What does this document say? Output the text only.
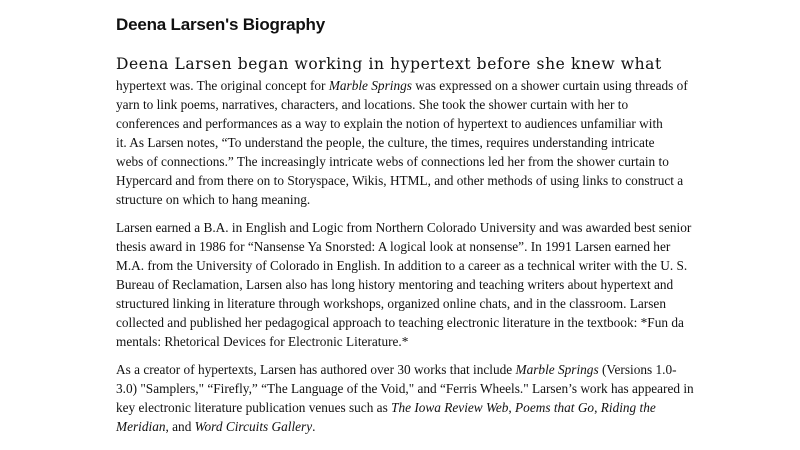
Deena Larsen's Biography

Deena Larsen began working in hypertext before she knew what

hypertext was. The original concept for Marble Springs was expressed on a shower curtain using threads of
yarn to link poems, narratives, characters, and locations. She took the shower curtain with her to
conferences and performances as a way to explain the notion of hypertext to audiences unfamiliar with
it. As Larsen notes, “To understand the people, the culture, the times, requires understanding intricate
webs of connections.” The increasingly intricate webs of connections led her from the shower curtain to
Hypercard and from there on to Storyspace, Wikis, HTML, and other methods of using links to construct a
structure on which to hang meaning.

Larsen earned a B.A. in English and Logic from Northern Colorado University and was awarded best senior
thesis award in 1986 for “Nansense Ya Snorsted: A logical look at nonsense”. In 1991 Larsen earned her
M.A. from the University of Colorado in English. In addition to a career as a technical writer with the U. S.
Bureau of Reclamation, Larsen also has long history mentoring and teaching writers about hypertext and
structured linking in literature through workshops, organized online chats, and in the classroom. Larsen
collected and published her pedagogical approach to teaching electronic literature in the textbook: *Fun da
mentals: Rhetorical Devices for Electronic Literature.*

As a creator of hypertexts, Larsen has authored over 30 works that include Marble Springs (Versions 1.0-
3.0) "Samplers," “Firefly,” “The Language of the Void," and “Ferris Wheels." Larsen’s work has appeared in
key electronic literature publication venues such as The Iowa Review Web, Poems that Go, Riding the
Meridian, and Word Circuits Gallery.
